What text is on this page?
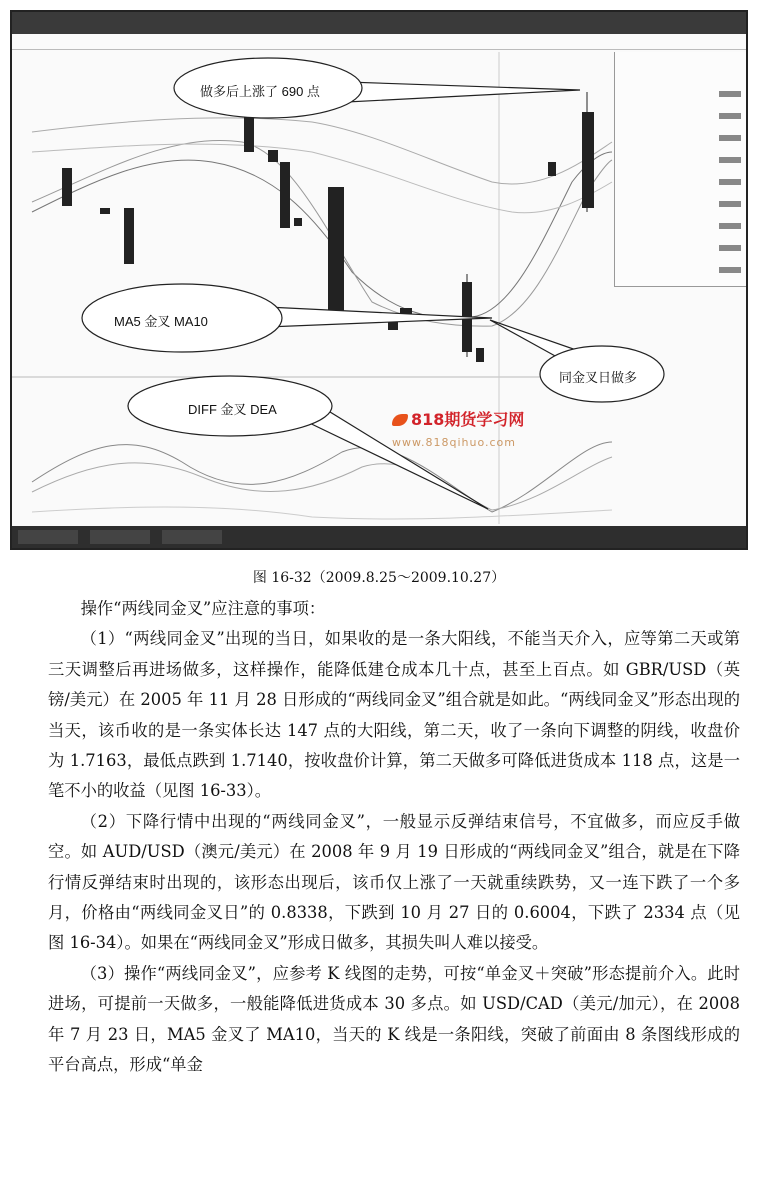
做多后上涨了 690 点
MA5 金叉 MA10
同金叉日做多
DIFF 金叉 DEA
818期货学习网
www.818qihuo.com
图 16-32（2009.8.25～2009.10.27）

操作“两线同金叉”应注意的事项：

（1）“两线同金叉”出现的当日，如果收的是一条大阳线，不能当天介入，应等第二天或第三天调整后再进场做多，这样操作，能降低建仓成本几十点，甚至上百点。如 GBR/USD（英镑/美元）在 2005 年 11 月 28 日形成的“两线同金叉”组合就是如此。“两线同金叉”形态出现的当天，该币收的是一条实体长达 147 点的大阳线，第二天，收了一条向下调整的阴线，收盘价为 1.7163，最低点跌到 1.7140，按收盘价计算，第二天做多可降低进货成本 118 点，这是一笔不小的收益（见图 16-33）。

（2）下降行情中出现的“两线同金叉”，一般显示反弹结束信号，不宜做多，而应反手做空。如 AUD/USD（澳元/美元）在 2008 年 9 月 19 日形成的“两线同金叉”组合，就是在下降行情反弹结束时出现的，该形态出现后，该币仅上涨了一天就重续跌势，又一连下跌了一个多月，价格由“两线同金叉日”的 0.8338，下跌到 10 月 27 日的 0.6004，下跌了 2334 点（见图 16-34）。如果在“两线同金叉”形成日做多，其损失叫人难以接受。

（3）操作“两线同金叉”，应参考 K 线图的走势，可按“单金叉＋突破”形态提前介入。此时进场，可提前一天做多，一般能降低进货成本 30 多点。如 USD/CAD（美元/加元），在 2008 年 7 月 23 日，MA5 金叉了 MA10，当天的 K 线是一条阳线，突破了前面由 8 条图线形成的平台高点，形成“单金
